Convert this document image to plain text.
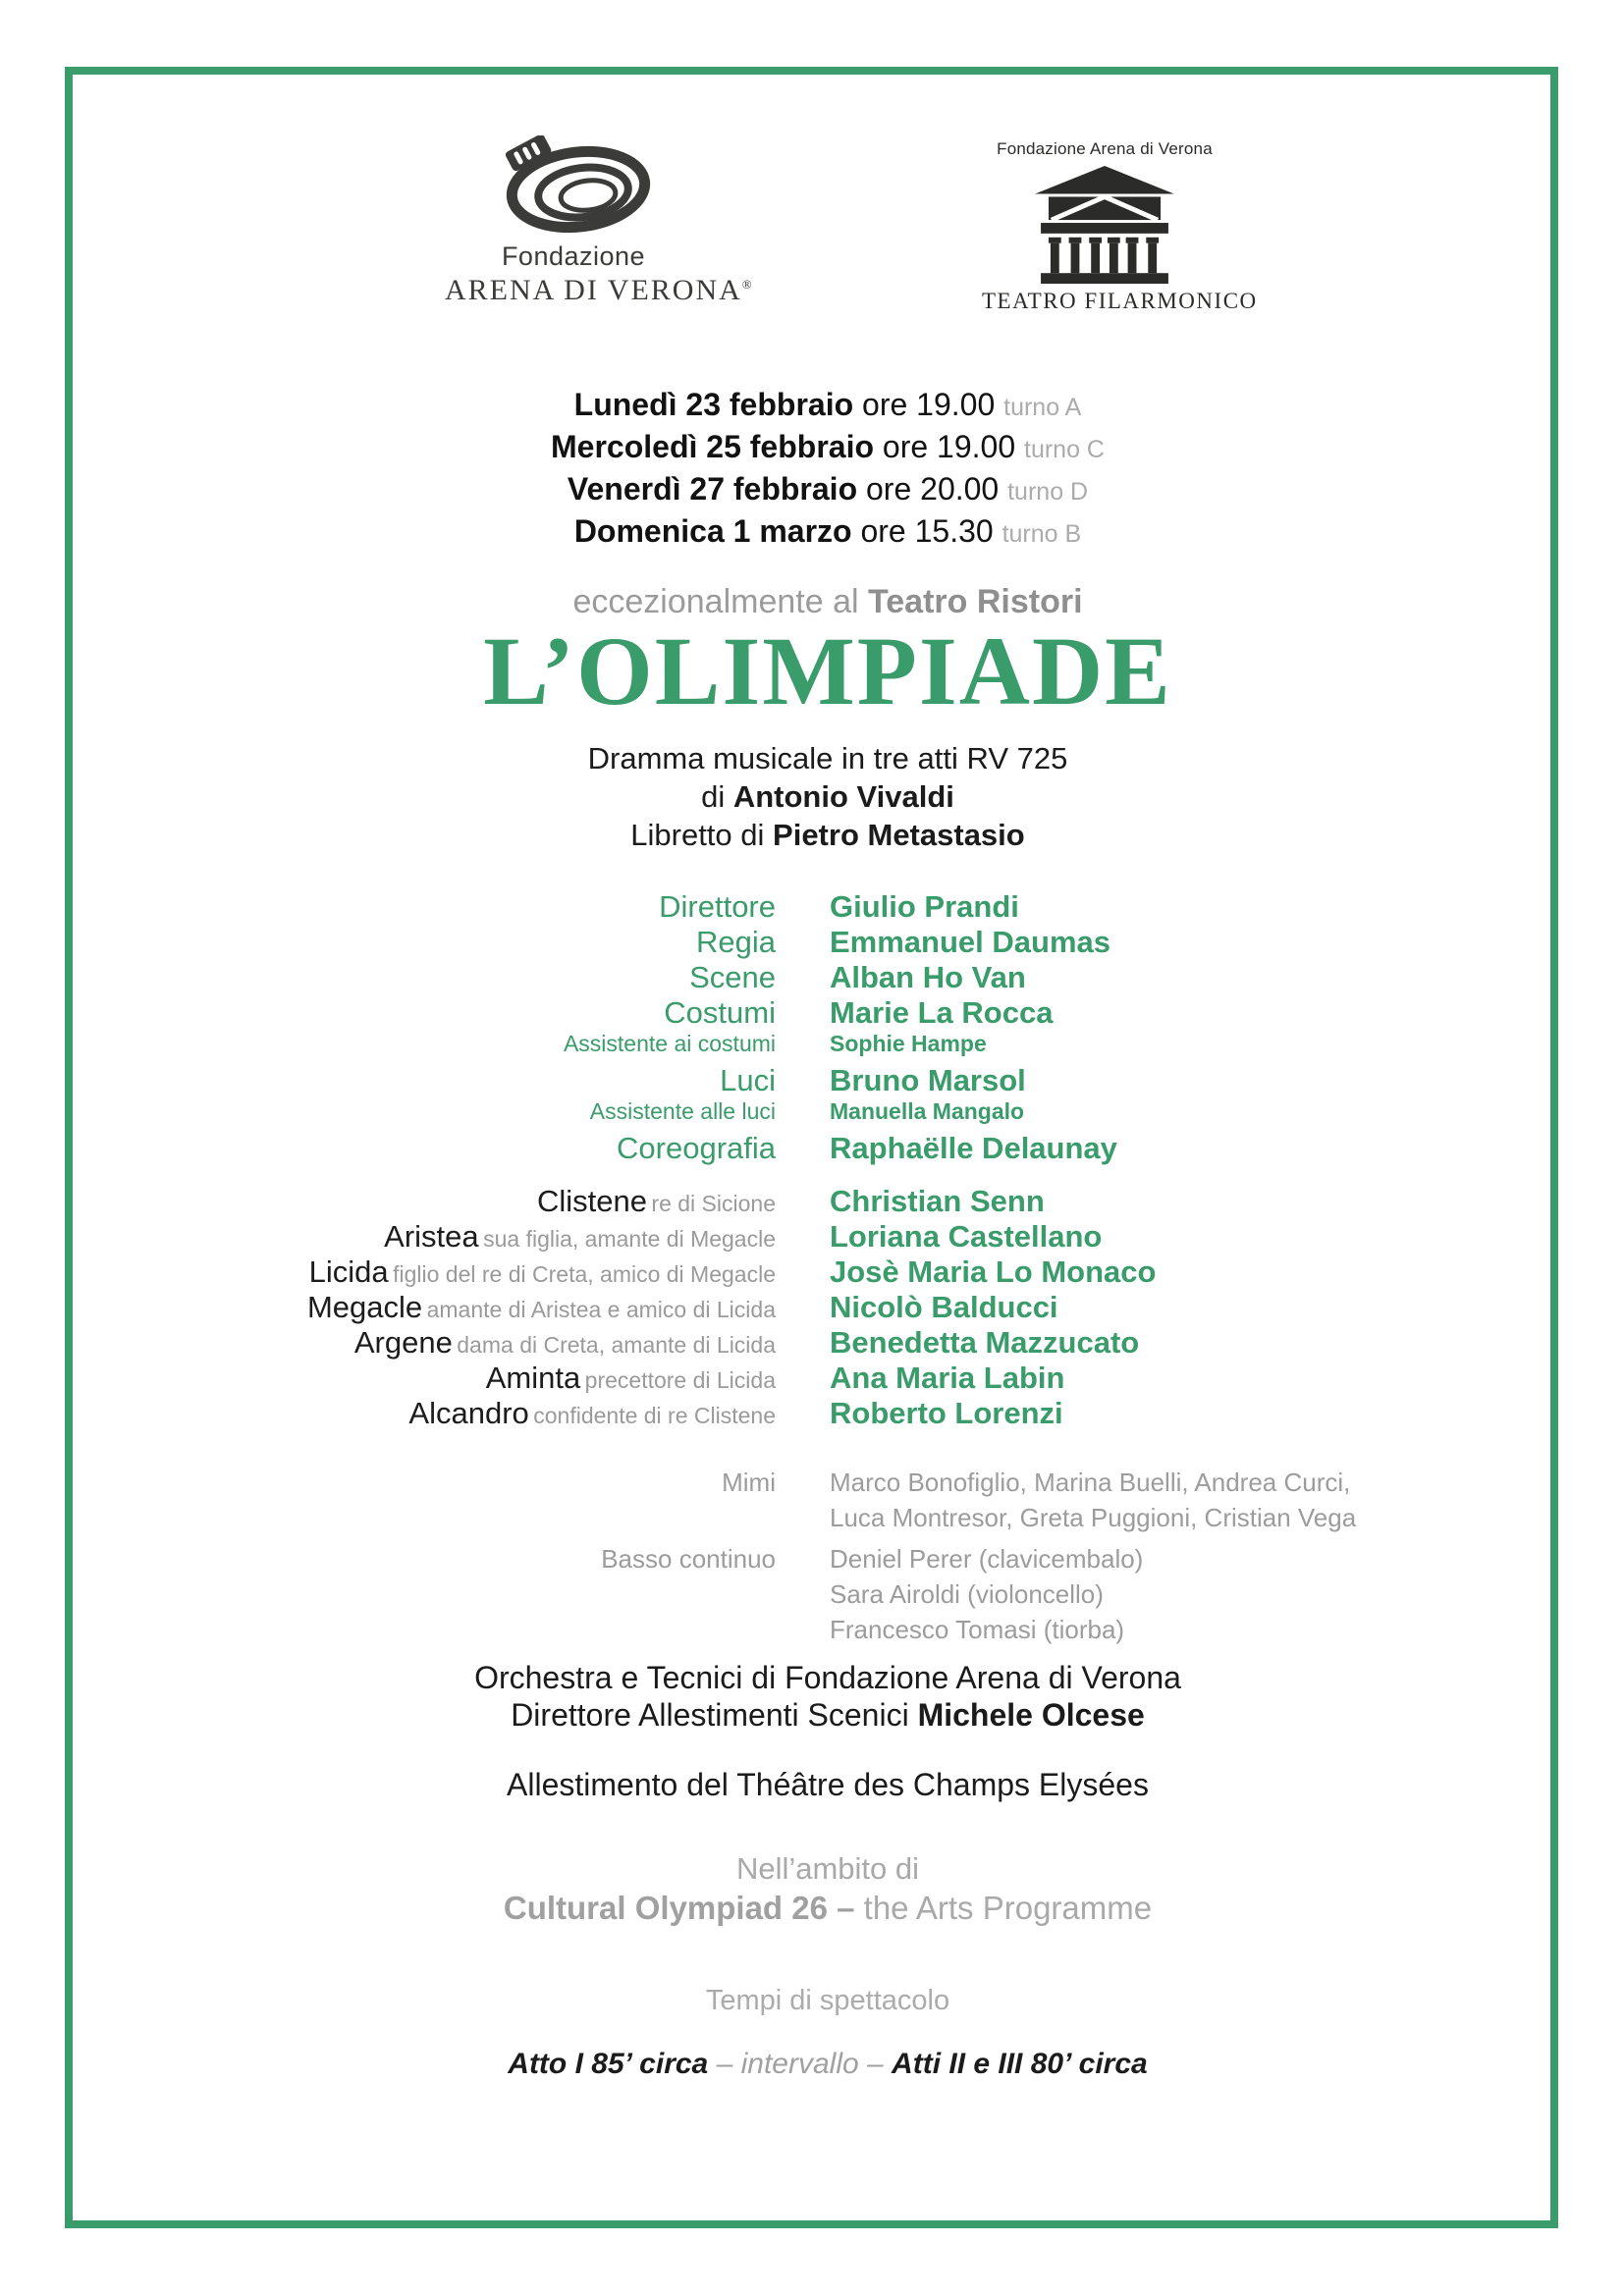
Fondazione
ARENA DI VERONA®
Fondazione Arena di Verona
TEATRO FILARMONICO
Lunedì 23 febbraio ore 19.00 turno A
Mercoledì 25 febbraio ore 19.00 turno C
Venerdì 27 febbraio ore 20.00 turno D
Domenica 1 marzo ore 15.30 turno B
eccezionalmente al Teatro Ristori
L’OLIMPIADE
Dramma musicale in tre atti RV 725
di Antonio Vivaldi
Libretto di Pietro Metastasio
Direttore Giulio Prandi
Regia Emmanuel Daumas
Scene Alban Ho Van
Costumi Marie La Rocca
Assistente ai costumi Sophie Hampe
Luci Bruno Marsol
Assistente alle luci Manuella Mangalo
Coreografia Raphaëlle Delaunay
Clistene re di Sicione Christian Senn
Aristea sua figlia, amante di Megacle Loriana Castellano
Licida figlio del re di Creta, amico di Megacle Josè Maria Lo Monaco
Megacle amante di Aristea e amico di Licida Nicolò Balducci
Argene dama di Creta, amante di Licida Benedetta Mazzucato
Aminta precettore di Licida Ana Maria Labin
Alcandro confidente di re Clistene Roberto Lorenzi
Mimi Marco Bonofiglio, Marina Buelli, Andrea Curci,
Luca Montresor, Greta Puggioni, Cristian Vega
Basso continuo Deniel Perer (clavicembalo)
Sara Airoldi (violoncello)
Francesco Tomasi (tiorba)
Orchestra e Tecnici di Fondazione Arena di Verona
Direttore Allestimenti Scenici Michele Olcese
Allestimento del Théâtre des Champs Elysées
Nell’ambito di
Cultural Olympiad 26 – the Arts Programme
Tempi di spettacolo
Atto I 85’ circa – intervallo – Atti II e III 80’ circa
